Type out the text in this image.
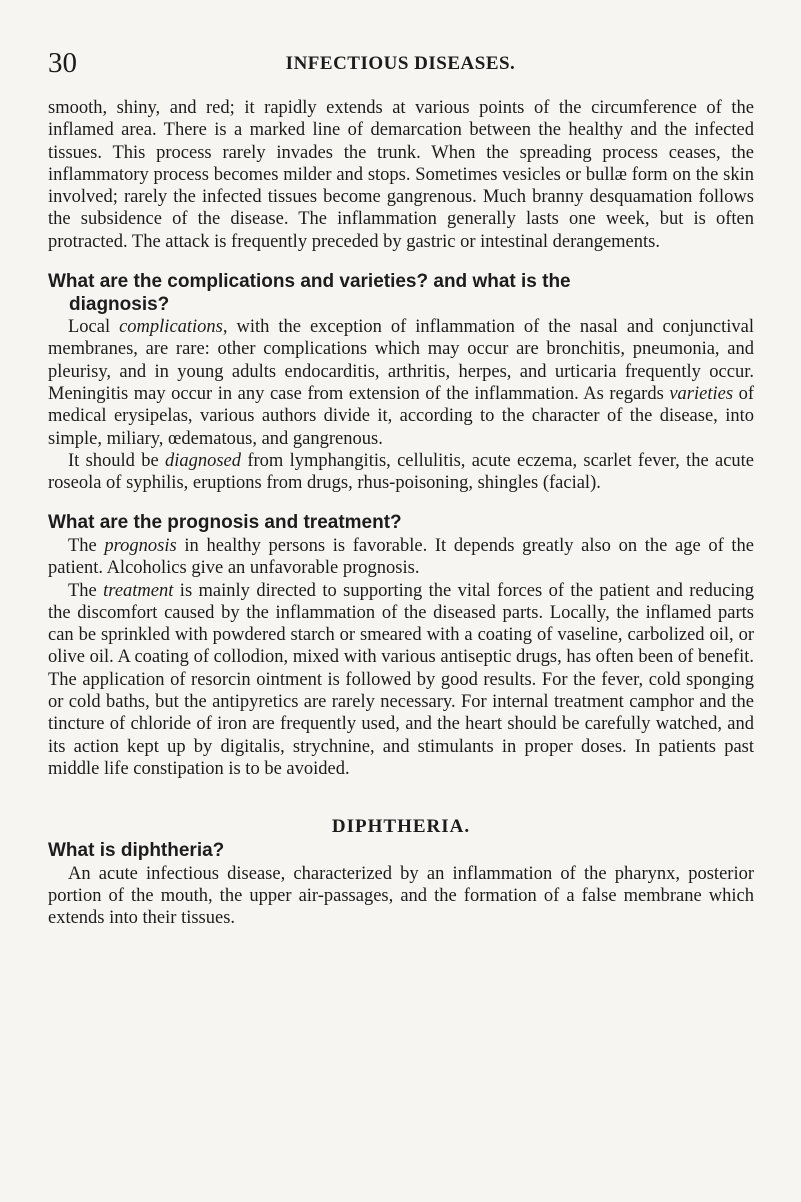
30	INFECTIOUS DISEASES.

smooth, shiny, and red; it rapidly extends at various points of the circumference of the inflamed area. There is a marked line of demarcation between the healthy and the infected tissues. This process rarely invades the trunk. When the spreading process ceases, the inflammatory process becomes milder and stops. Sometimes vesicles or bullæ form on the skin involved; rarely the infected tissues become gangrenous. Much branny desquamation follows the subsidence of the disease. The inflammation generally lasts one week, but is often protracted. The attack is frequently preceded by gastric or intestinal derangements.

What are the complications and varieties? and what is the
diagnosis?

Local complications, with the exception of inflammation of the nasal and conjunctival membranes, are rare: other complications which may occur are bronchitis, pneumonia, and pleurisy, and in young adults endocarditis, arthritis, herpes, and urticaria frequently occur. Meningitis may occur in any case from extension of the inflammation. As regards varieties of medical erysipelas, various authors divide it, according to the character of the disease, into simple, miliary, œdematous, and gangrenous.

It should be diagnosed from lymphangitis, cellulitis, acute eczema, scarlet fever, the acute roseola of syphilis, eruptions from drugs, rhus-poisoning, shingles (facial).

What are the prognosis and treatment?

The prognosis in healthy persons is favorable. It depends greatly also on the age of the patient. Alcoholics give an unfavorable prognosis.

The treatment is mainly directed to supporting the vital forces of the patient and reducing the discomfort caused by the inflammation of the diseased parts. Locally, the inflamed parts can be sprinkled with powdered starch or smeared with a coating of vaseline, carbolized oil, or olive oil. A coating of collodion, mixed with various antiseptic drugs, has often been of benefit. The application of resorcin ointment is followed by good results. For the fever, cold sponging or cold baths, but the antipyretics are rarely necessary. For internal treatment camphor and the tincture of chloride of iron are frequently used, and the heart should be carefully watched, and its action kept up by digitalis, strychnine, and stimulants in proper doses. In patients past middle life constipation is to be avoided.

DIPHTHERIA.
What is diphtheria?

An acute infectious disease, characterized by an inflammation of the pharynx, posterior portion of the mouth, the upper air-passages, and the formation of a false membrane which extends into their tissues.
